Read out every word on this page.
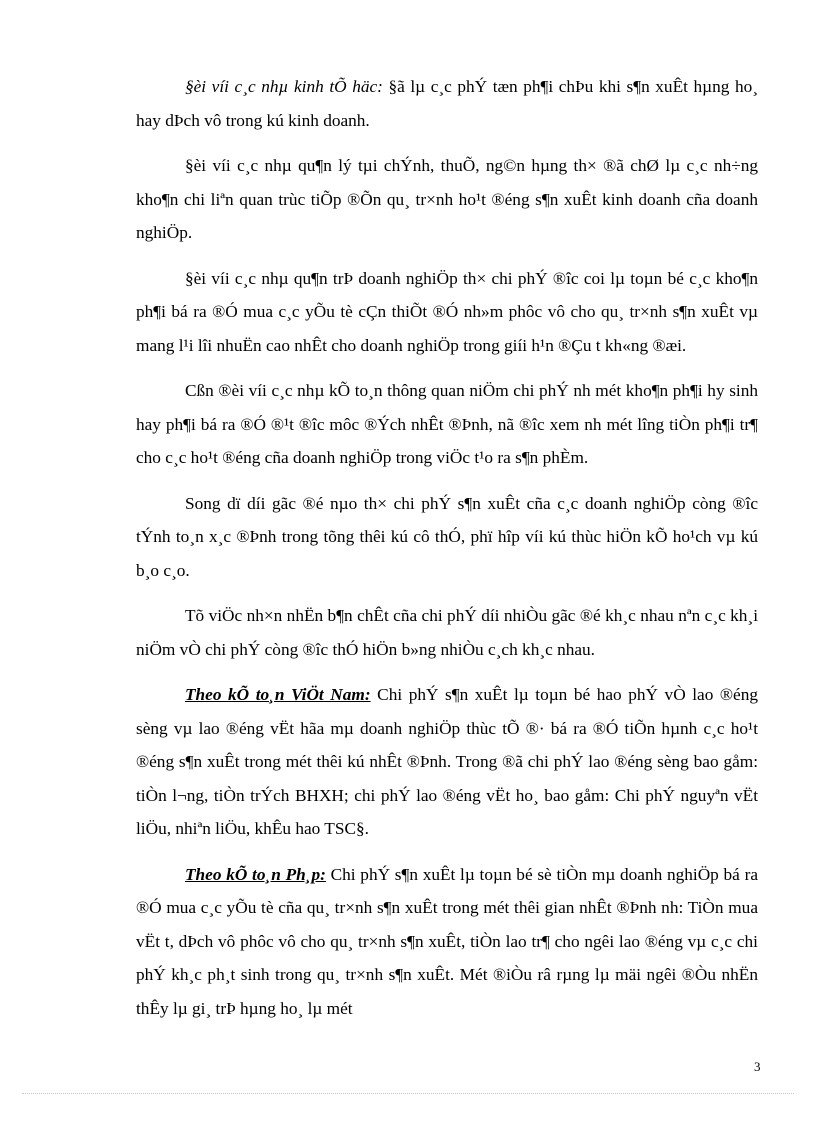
§èi víi c¸c nhµ kinh tÕ häc: §ã lµ c¸c phÝ tæn ph¶i chÞu khi s¶n xuÊt hµng ho¸ hay dÞch vô trong kú kinh doanh.

§èi víi c¸c nhµ qu¶n lý tµi chÝnh, thuÕ, ng©n hµng th× ®ã chØ lµ c¸c nh÷ng kho¶n chi liªn quan trùc tiÕp ®Õn qu¸ tr×nh ho¹t ®éng s¶n xuÊt kinh doanh cña doanh nghiÖp.

§èi víi c¸c nhµ qu¶n trÞ doanh nghiÖp th× chi phÝ ®îc coi lµ toµn bé c¸c kho¶n ph¶i bá ra ®Ó mua c¸c yÕu tè cÇn thiÕt ®Ó nh»m phôc vô cho qu¸ tr×nh s¶n xuÊt vµ mang l¹i lîi nhuËn cao nhÊt cho doanh nghiÖp trong giíi h¹n ®Çu t kh«ng ®æi.

Cßn ®èi víi c¸c nhµ kÕ to¸n thông quan niÖm chi phÝ nh mét kho¶n ph¶i hy sinh hay ph¶i bá ra ®Ó ®¹t ®îc môc ®Ých nhÊt ®Þnh, nã ®îc xem nh mét lîng tiÒn ph¶i tr¶ cho c¸c ho¹t ®éng cña doanh nghiÖp trong viÖc t¹o ra s¶n phÈm.

Song dï díi gãc ®é nµo th× chi phÝ s¶n xuÊt cña c¸c doanh nghiÖp còng ®îc tÝnh to¸n x¸c ®Þnh trong tõng thêi kú cô thÓ, phï hîp víi kú thùc hiÖn kÕ ho¹ch vµ kú b¸o c¸o.

Tõ viÖc nh×n nhËn b¶n chÊt cña chi phÝ díi nhiÒu gãc ®é kh¸c nhau nªn c¸c kh¸i niÖm vÒ chi phÝ còng ®îc thÓ hiÖn b»ng nhiÒu c¸ch kh¸c nhau.

Theo kÕ to¸n ViÖt Nam: Chi phÝ s¶n xuÊt lµ toµn bé hao phÝ vÒ lao ®éng sèng vµ lao ®éng vËt hãa mµ doanh nghiÖp thùc tÕ ®· bá ra ®Ó tiÕn hµnh c¸c ho¹t ®éng s¶n xuÊt trong mét thêi kú nhÊt ®Þnh. Trong ®ã chi phÝ lao ®éng sèng bao gåm: tiÒn l¬ng, tiÒn trÝch BHXH; chi phÝ lao ®éng vËt ho¸ bao gåm: Chi phÝ nguyªn vËt liÖu, nhiªn liÖu, khÊu hao TSC§.

Theo kÕ to¸n Ph¸p: Chi phÝ s¶n xuÊt lµ toµn bé sè tiÒn mµ doanh nghiÖp bá ra ®Ó mua c¸c yÕu tè cña qu¸ tr×nh s¶n xuÊt trong mét thêi gian nhÊt ®Þnh nh: TiÒn mua vËt t, dÞch vô phôc vô cho qu¸ tr×nh s¶n xuÊt, tiÒn lao tr¶ cho ngêi lao ®éng vµ c¸c chi phÝ kh¸c ph¸t sinh trong qu¸ tr×nh s¶n xuÊt. Mét ®iÒu râ rµng lµ mäi ngêi ®Òu nhËn thÊy lµ gi¸ trÞ hµng ho¸ lµ mét

3
